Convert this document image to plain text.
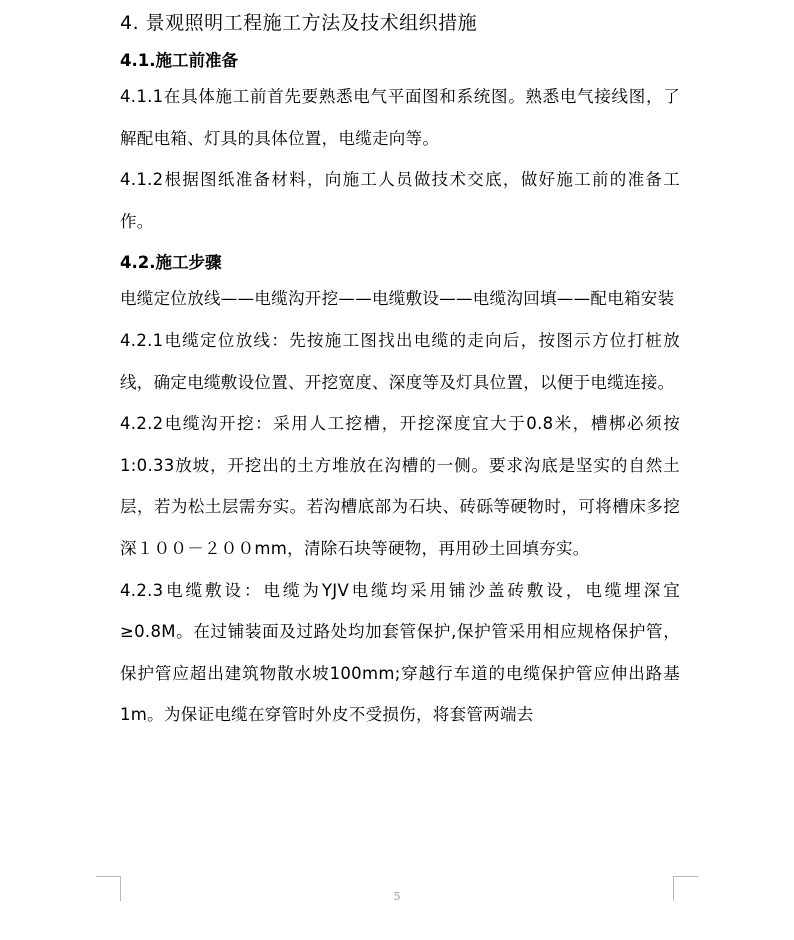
4. 景观照明工程施工方法及技术组织措施
4.1.施工前准备

4.1.1在具体施工前首先要熟悉电气平面图和系统图。熟悉电气接线图，了解配电箱、灯具的具体位置，电缆走向等。

4.1.2根据图纸准备材料，向施工人员做技术交底，做好施工前的准备工作。

4.2.施工步骤

电缆定位放线——电缆沟开挖——电缆敷设——电缆沟回填——配电箱安装

4.2.1电缆定位放线：先按施工图找出电缆的走向后，按图示方位打桩放线，确定电缆敷设位置、开挖宽度、深度等及灯具位置，以便于电缆连接。

4.2.2电缆沟开挖：采用人工挖槽，开挖深度宜大于0.8米，槽梆必须按1:0.33放坡，开挖出的土方堆放在沟槽的一侧。要求沟底是坚实的自然土层，若为松土层需夯实。若沟槽底部为石块、砖砾等硬物时，可将槽床多挖深１００－２００mm，清除石块等硬物，再用砂土回填夯实。

4.2.3电缆敷设：电缆为YJV电缆均采用铺沙盖砖敷设，电缆埋深宜≥0.8M。在过铺装面及过路处均加套管保护,保护管采用相应规格保护管，保护管应超出建筑物散水坡100mm;穿越行车道的电缆保护管应伸出路基1m。为保证电缆在穿管时外皮不受损伤，将套管两端去

5
